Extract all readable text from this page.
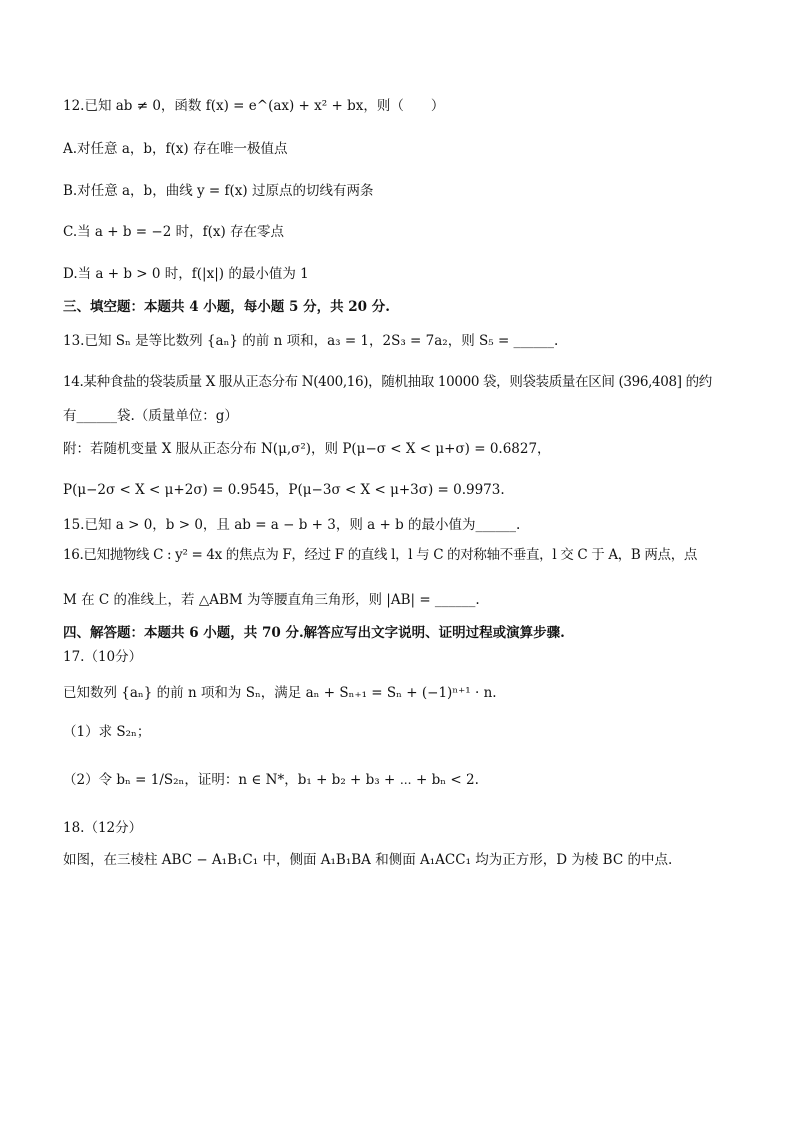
12.已知 ab ≠ 0，函数 f(x) = e^(ax) + x² + bx，则（　　）
A.对任意 a，b，f(x) 存在唯一极值点
B.对任意 a，b，曲线 y = f(x) 过原点的切线有两条
C.当 a + b = −2 时，f(x) 存在零点
D.当 a + b > 0 时，f(|x|) 的最小值为 1
三、填空题：本题共 4 小题，每小题 5 分，共 20 分.
13.已知 Sₙ 是等比数列 {aₙ} 的前 n 项和，a₃ = 1，2S₃ = 7a₂，则 S₅ = ______.
14.某种食盐的袋装质量 X 服从正态分布 N(400,16)，随机抽取 10000 袋，则袋装质量在区间 (396,408] 的约
有______袋.（质量单位：g）
附：若随机变量 X 服从正态分布 N(μ,σ²)，则 P(μ−σ < X < μ+σ) = 0.6827，
P(μ−2σ < X < μ+2σ) = 0.9545，P(μ−3σ < X < μ+3σ) = 0.9973.
15.已知 a > 0，b > 0，且 ab = a − b + 3，则 a + b 的最小值为______.
16.已知抛物线 C : y² = 4x 的焦点为 F，经过 F 的直线 l，l 与 C 的对称轴不垂直，l 交 C 于 A，B 两点，点
M 在 C 的准线上，若 △ABM 为等腰直角三角形，则 |AB| = ______.
四、解答题：本题共 6 小题，共 70 分.解答应写出文字说明、证明过程或演算步骤.
17.（10分）
已知数列 {aₙ} 的前 n 项和为 Sₙ，满足 aₙ + Sₙ₊₁ = Sₙ + (−1)ⁿ⁺¹ · n.
（1）求 S₂ₙ；
（2）令 bₙ = 1/S₂ₙ，证明：n ∈ N*，b₁ + b₂ + b₃ + ⋯ + bₙ < 2.
18.（12分）
如图，在三棱柱 ABC − A₁B₁C₁ 中，侧面 A₁B₁BA 和侧面 A₁ACC₁ 均为正方形，D 为棱 BC 的中点.
